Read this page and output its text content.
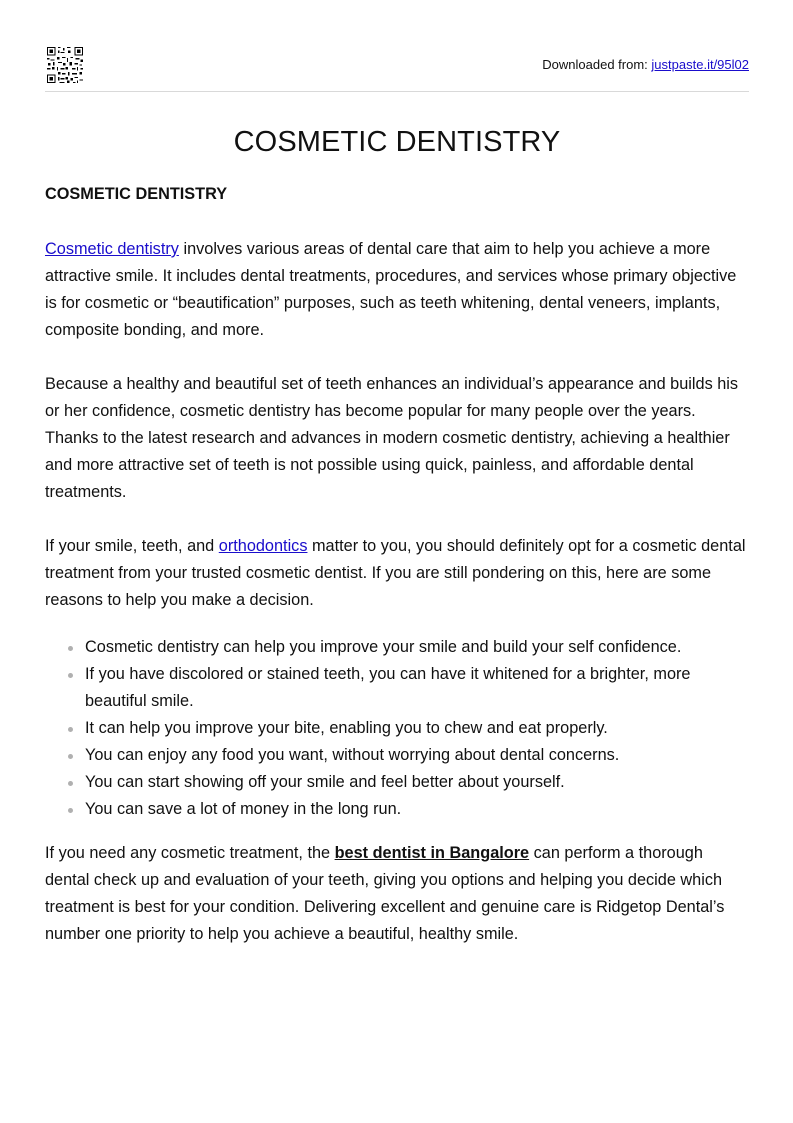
Downloaded from: justpaste.it/95l02
COSMETIC DENTISTRY
COSMETIC DENTISTRY

Cosmetic dentistry involves various areas of dental care that aim to help you achieve a more attractive smile. It includes dental treatments, procedures, and services whose primary objective is for cosmetic or “beautification” purposes, such as teeth whitening, dental veneers, implants, composite bonding, and more.

Because a healthy and beautiful set of teeth enhances an individual’s appearance and builds his or her confidence, cosmetic dentistry has become popular for many people over the years. Thanks to the latest research and advances in modern cosmetic dentistry, achieving a healthier and more attractive set of teeth is not possible using quick, painless, and affordable dental treatments.

If your smile, teeth, and orthodontics matter to you, you should definitely opt for a cosmetic dental treatment from your trusted cosmetic dentist. If you are still pondering on this, here are some reasons to help you make a decision.

Cosmetic dentistry can help you improve your smile and build your self confidence.
If you have discolored or stained teeth, you can have it whitened for a brighter, more beautiful smile.
It can help you improve your bite, enabling you to chew and eat properly.
You can enjoy any food you want, without worrying about dental concerns.
You can start showing off your smile and feel better about yourself.
You can save a lot of money in the long run.

If you need any cosmetic treatment, the best dentist in Bangalore can perform a thorough dental check up and evaluation of your teeth, giving you options and helping you decide which treatment is best for your condition. Delivering excellent and genuine care is Ridgetop Dental’s number one priority to help you achieve a beautiful, healthy smile.
